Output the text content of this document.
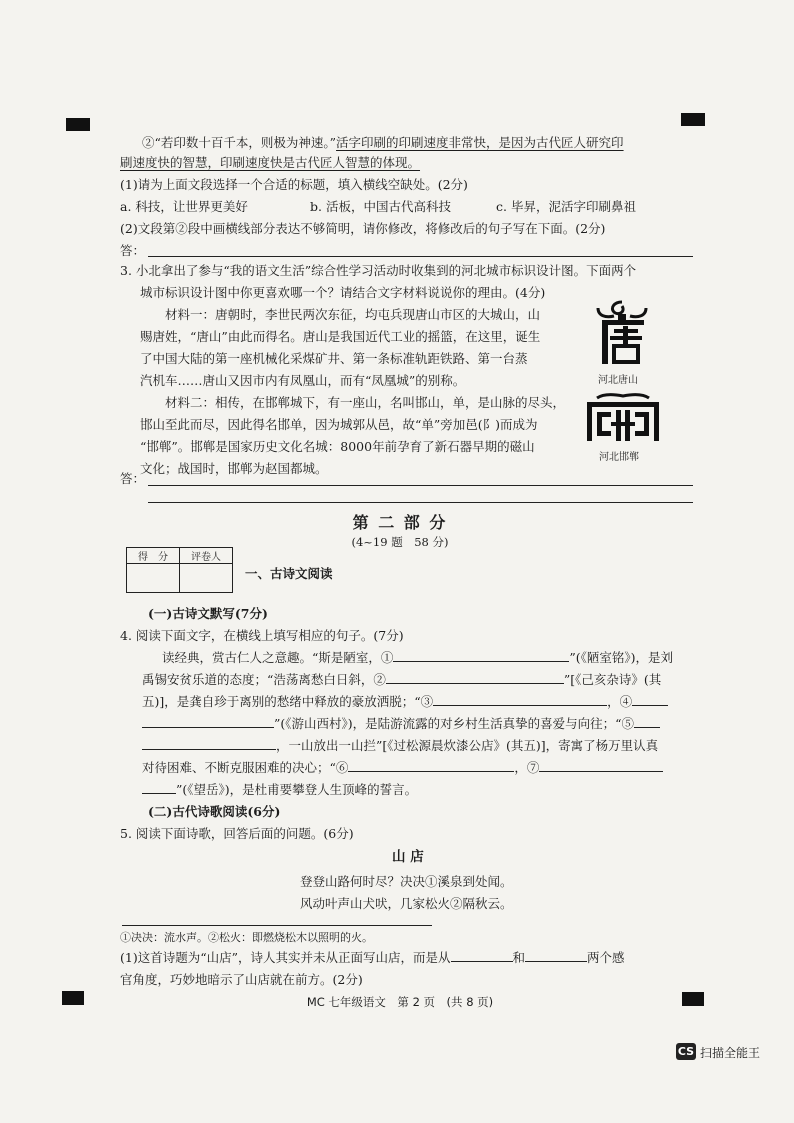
②“若印数十百千本，则极为神速。”活字印刷的印刷速度非常快，是因为古代匠人研究印
刷速度快的智慧，印刷速度快是古代匠人智慧的体现。
(1)请为上面文段选择一个合适的标题，填入横线空缺处。(2分)
a. 科技，让世界更美好	b. 活板，中国古代高科技	c. 毕昇，泥活字印刷鼻祖
(2)文段第②段中画横线部分表达不够简明，请你修改，将修改后的句子写在下面。(2分)
答：
3. 小北拿出了参与“我的语文生活”综合性学习活动时收集到的河北城市标识设计图。下面两个
城市标识设计图中你更喜欢哪一个？请结合文字材料说说你的理由。(4分)
材料一：唐朝时，李世民两次东征，均屯兵现唐山市区的大城山，山
赐唐姓，“唐山”由此而得名。唐山是我国近代工业的摇篮，在这里，诞生
了中国大陆的第一座机械化采煤矿井、第一条标准轨距铁路、第一台蒸
汽机车……唐山又因市内有凤凰山，而有“凤凰城”的别称。
材料二：相传，在邯郸城下，有一座山，名叫邯山，单，是山脉的尽头，
邯山至此而尽，因此得名邯单，因为城郭从邑，故“单”旁加邑(阝)而成为
“邯郸”。邯郸是国家历史文化名城：8000年前孕育了新石器早期的磁山
文化；战国时，邯郸为赵国都城。
河北唐山
河北邯郸
答：
第 二 部 分
(4~19 题　58 分)
得　分	评卷人

一、古诗文阅读
(一)古诗文默写(7分)
4. 阅读下面文字，在横线上填写相应的句子。(7分)
读经典，赏古仁人之意趣。“斯是陋室，①	”(《陋室铭》)，是刘
禹锡安贫乐道的态度；“浩荡离愁白日斜，②	”[《己亥杂诗》(其
五)]，是龚自珍于离别的愁绪中释放的豪放洒脱；“③	，④
”(《游山西村》)，是陆游流露的对乡村生活真挚的喜爱与向往；“⑤
，一山放出一山拦”[《过松源晨炊漆公店》(其五)]，寄寓了杨万里认真
对待困难、不断克服困难的决心；“⑥	，⑦
”(《望岳》)，是杜甫要攀登人生顶峰的誓言。
(二)古代诗歌阅读(6分)
5. 阅读下面诗歌，回答后面的问题。(6分)
山 店
登登山路何时尽？决决①溪泉到处闻。
风动叶声山犬吠，几家松火②隔秋云。
①决决：流水声。②松火：即燃烧松木以照明的火。
(1)这首诗题为“山店”，诗人其实并未从正面写山店，而是从	和	两个感
官角度，巧妙地暗示了山店就在前方。(2分)
MC 七年级语文　第 2 页　(共 8 页)
CS 扫描全能王
